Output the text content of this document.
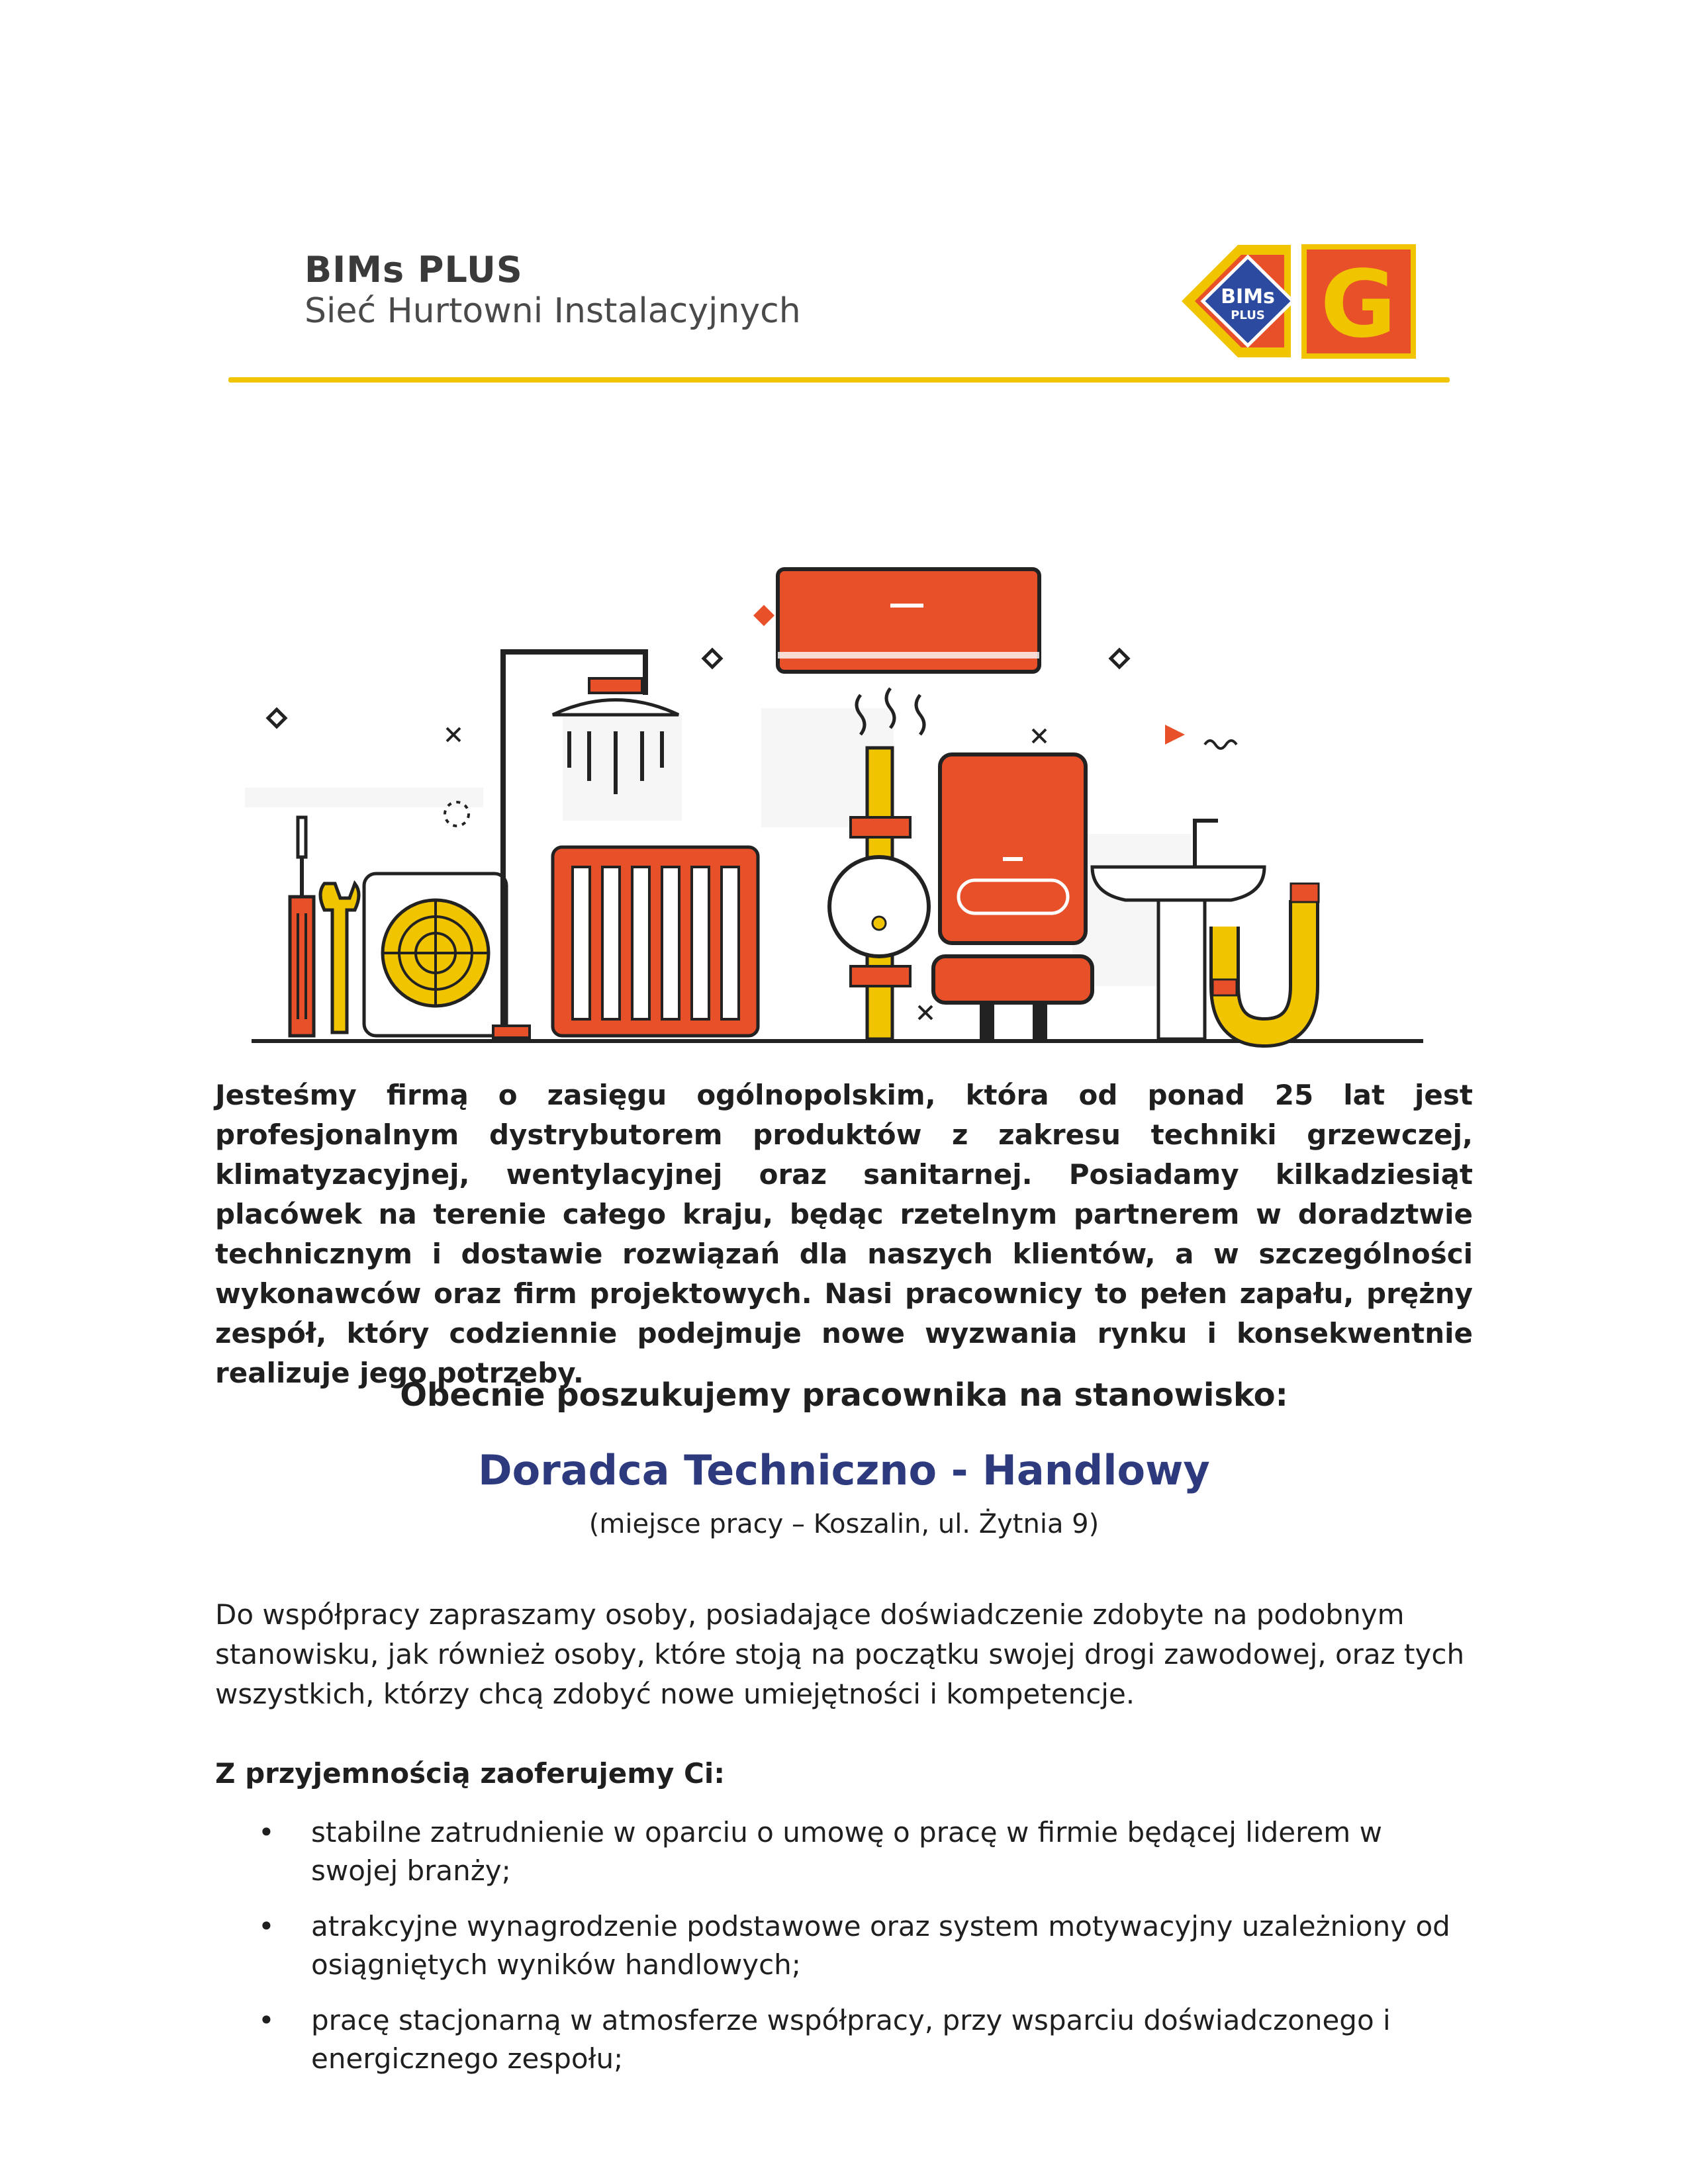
BIMs PLUS
Sieć Hurtowni Instalacyjnych	BIMs
PLUS G
Jesteśmy firmą o zasięgu ogólnopolskim, która od ponad 25 lat jest profesjonalnym dystrybutorem produktów z zakresu techniki grzewczej, klimatyzacyjnej, wentylacyjnej oraz sanitarnej. Posiadamy kilkadziesiąt placówek na terenie całego kraju, będąc rzetelnym partnerem w doradztwie technicznym i dostawie rozwiązań dla naszych klientów, a w szczególności wykonawców oraz firm projektowych. Nasi pracownicy to pełen zapału, prężny zespół, który codziennie podejmuje nowe wyzwania rynku i konsekwentnie realizuje jego potrzeby.
Obecnie poszukujemy pracownika na stanowisko:
Doradca Techniczno - Handlowy
(miejsce pracy – Koszalin, ul. Żytnia 9)
Do współpracy zapraszamy osoby, posiadające doświadczenie zdobyte na podobnym stanowisku, jak również osoby, które stoją na początku swojej drogi zawodowej, oraz tych wszystkich, którzy chcą zdobyć nowe umiejętności i kompetencje.
Z przyjemnością zaoferujemy Ci:
• stabilne zatrudnienie w oparciu o umowę o pracę w firmie będącej liderem w swojej branży;
• atrakcyjne wynagrodzenie podstawowe oraz system motywacyjny uzależniony od osiągniętych wyników handlowych;
• pracę stacjonarną w atmosferze współpracy, przy wsparciu doświadczonego i energicznego zespołu;
